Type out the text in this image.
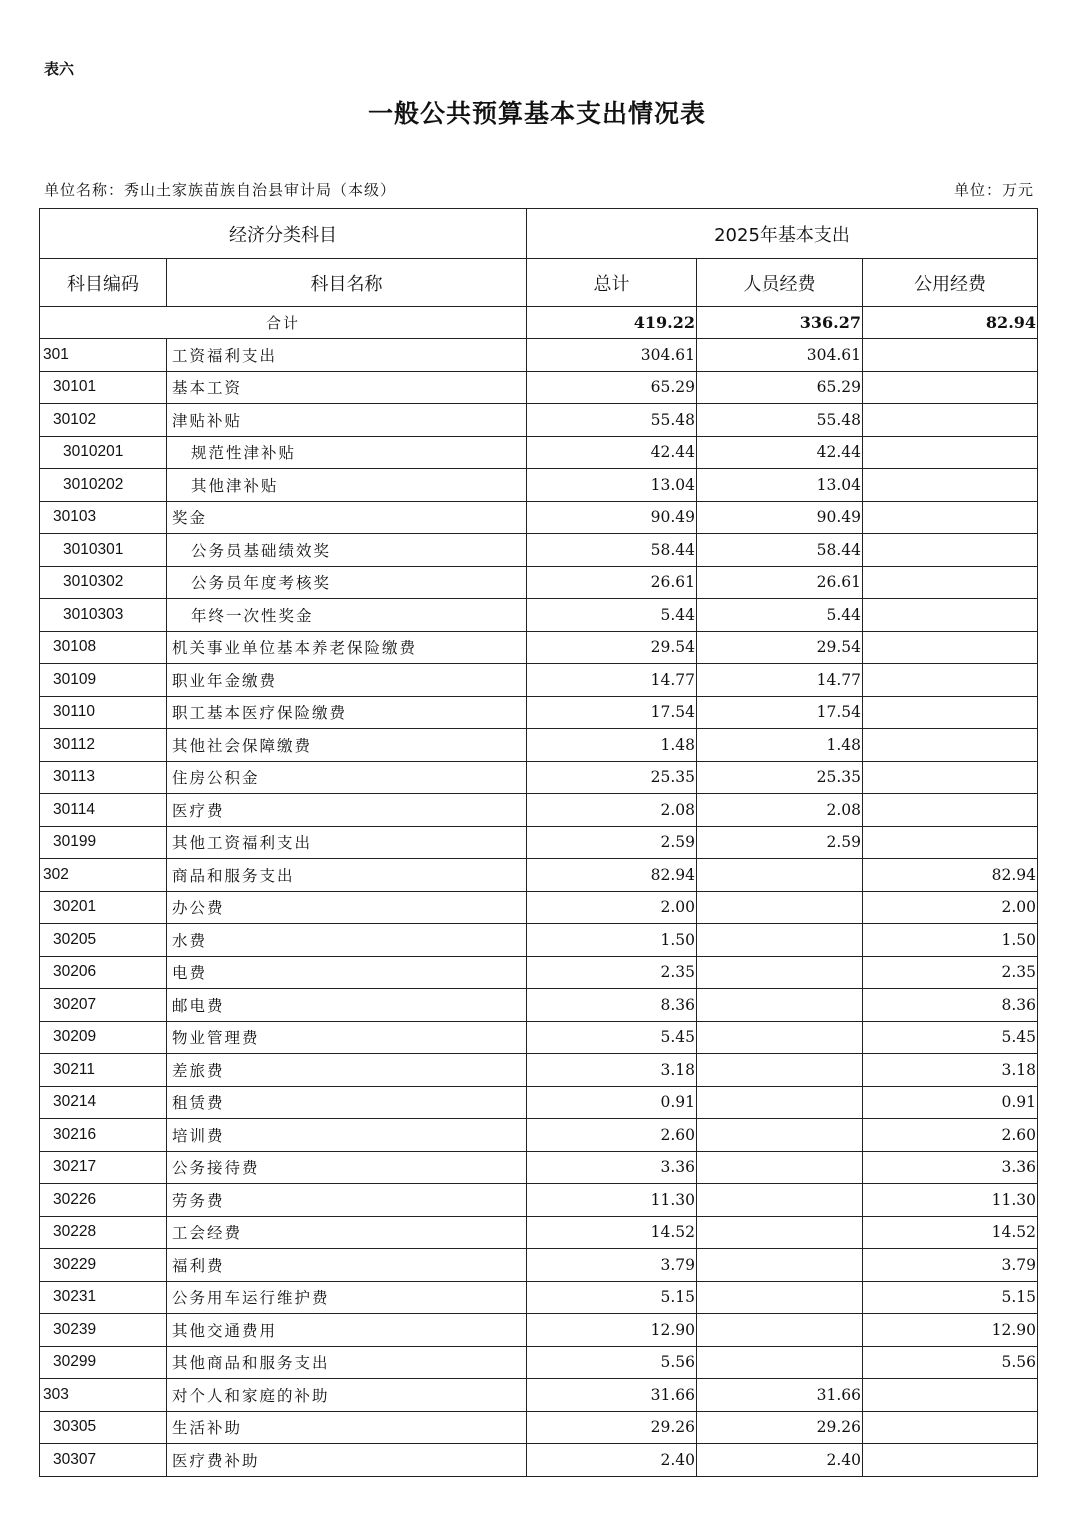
表六
一般公共预算基本支出情况表
单位名称：秀山土家族苗族自治县审计局（本级）	单位：万元
经济分类科目		2025年基本支出		
科目编码	科目名称	总计	人员经费	公用经费
合计		419.22	336.27	82.94
301	工资福利支出	304.61	304.61	
30101	基本工资	65.29	65.29	
30102	津贴补贴	55.48	55.48	
3010201	规范性津补贴	42.44	42.44	
3010202	其他津补贴	13.04	13.04	
30103	奖金	90.49	90.49	
3010301	公务员基础绩效奖	58.44	58.44	
3010302	公务员年度考核奖	26.61	26.61	
3010303	年终一次性奖金	5.44	5.44	
30108	机关事业单位基本养老保险缴费	29.54	29.54	
30109	职业年金缴费	14.77	14.77	
30110	职工基本医疗保险缴费	17.54	17.54	
30112	其他社会保障缴费	1.48	1.48	
30113	住房公积金	25.35	25.35	
30114	医疗费	2.08	2.08	
30199	其他工资福利支出	2.59	2.59	
302	商品和服务支出	82.94		82.94
30201	办公费	2.00		2.00
30205	水费	1.50		1.50
30206	电费	2.35		2.35
30207	邮电费	8.36		8.36
30209	物业管理费	5.45		5.45
30211	差旅费	3.18		3.18
30214	租赁费	0.91		0.91
30216	培训费	2.60		2.60
30217	公务接待费	3.36		3.36
30226	劳务费	11.30		11.30
30228	工会经费	14.52		14.52
30229	福利费	3.79		3.79
30231	公务用车运行维护费	5.15		5.15
30239	其他交通费用	12.90		12.90
30299	其他商品和服务支出	5.56		5.56
303	对个人和家庭的补助	31.66	31.66	
30305	生活补助	29.26	29.26	
30307	医疗费补助	2.40	2.40	
